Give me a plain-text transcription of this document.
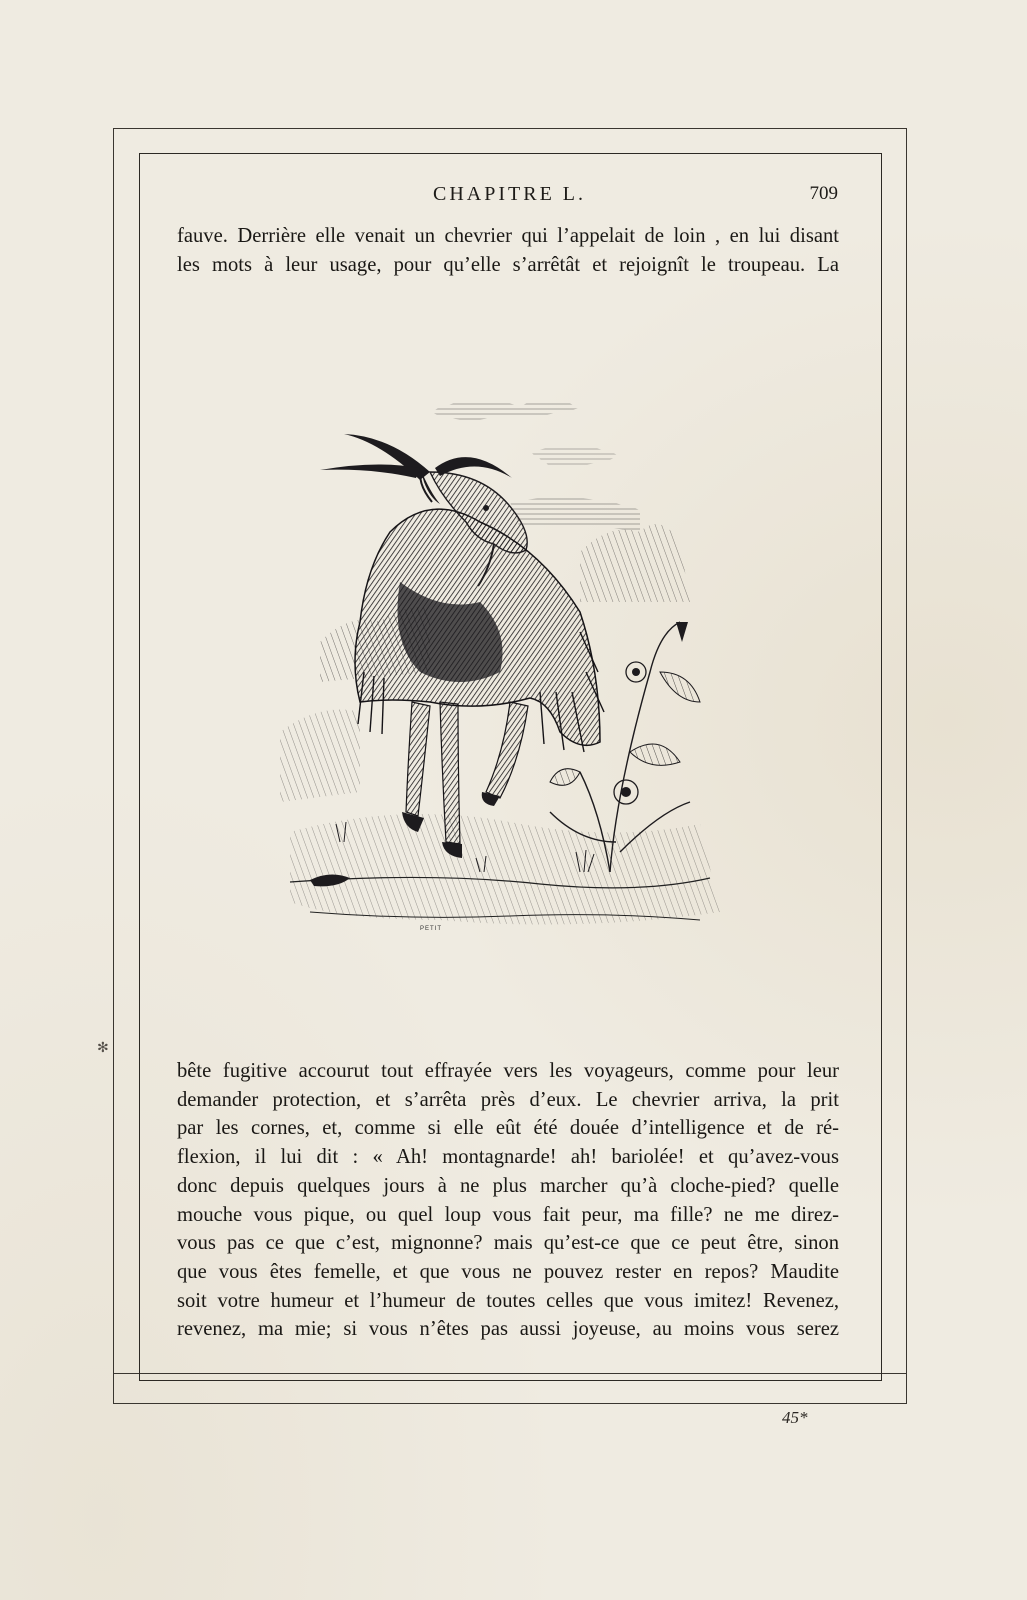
CHAPITRE L.	709
fauve. Derrière elle venait un chevrier qui l’appelait de loin , en lui disant
les mots à leur usage, pour qu’elle s’arrêtât et rejoignît le troupeau. La
PETIT
bête fugitive accourut tout effrayée vers les voyageurs, comme pour leur
demander protection, et s’arrêta près d’eux. Le chevrier arriva, la prit
par les cornes, et, comme si elle eût été douée d’intelligence et de ré-
flexion, il lui dit : « Ah! montagnarde! ah! bariolée! et qu’avez-vous
donc depuis quelques jours à ne plus marcher qu’à cloche-pied? quelle
mouche vous pique, ou quel loup vous fait peur, ma fille? ne me direz-
vous pas ce que c’est, mignonne? mais qu’est-ce que ce peut être, sinon
que vous êtes femelle, et que vous ne pouvez rester en repos? Maudite
soit votre humeur et l’humeur de toutes celles que vous imitez! Revenez,
revenez, ma mie; si vous n’êtes pas aussi joyeuse, au moins vous serez
45*
✻
